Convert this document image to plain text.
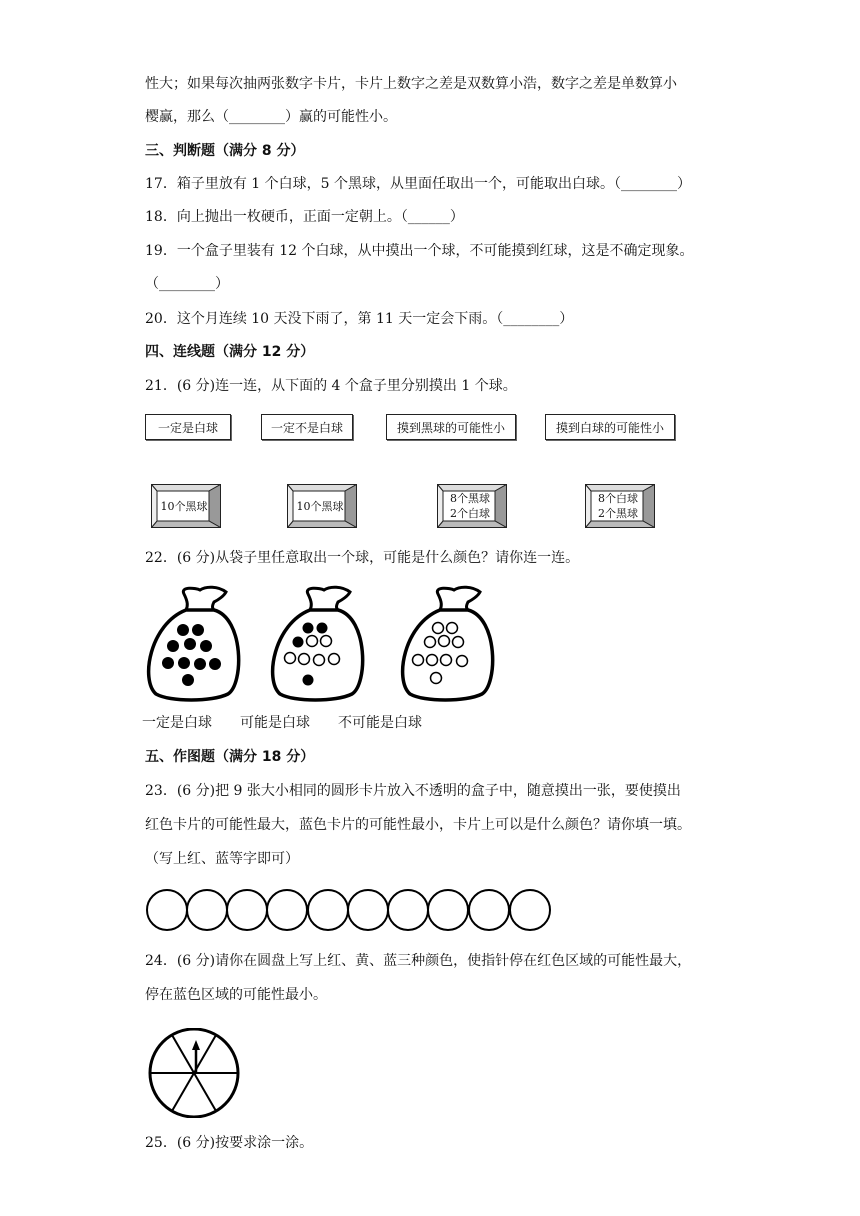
性大；如果每次抽两张数字卡片，卡片上数字之差是双数算小浩，数字之差是单数算小
樱赢，那么（________）赢的可能性小。
三、判断题（满分 8 分）
17．箱子里放有 1 个白球，5 个黑球，从里面任取出一个，可能取出白球。（________）
18．向上抛出一枚硬币，正面一定朝上。（______）
19．一个盒子里装有 12 个白球，从中摸出一个球，不可能摸到红球，这是不确定现象。
（________）
20．这个月连续 10 天没下雨了，第 11 天一定会下雨。（________）
四、连线题（满分 12 分）
21．(6 分)连一连，从下面的 4 个盒子里分别摸出 1 个球。
一定是白球	一定不是白球	摸到黑球的可能性小	摸到白球的可能性小
10个黑球	10个黑球
8个黑球
2个白球
8个白球
2个黑球
22．(6 分)从袋子里任意取出一个球，可能是什么颜色？请你连一连。
一定是白球　　可能是白球　　不可能是白球
五、作图题（满分 18 分）
23．(6 分)把 9 张大小相同的圆形卡片放入不透明的盒子中，随意摸出一张，要使摸出
红色卡片的可能性最大，蓝色卡片的可能性最小，卡片上可以是什么颜色？请你填一填。
（写上红、蓝等字即可）
24．(6 分)请你在圆盘上写上红、黄、蓝三种颜色，使指针停在红色区域的可能性最大，
停在蓝色区域的可能性最小。
25．(6 分)按要求涂一涂。
